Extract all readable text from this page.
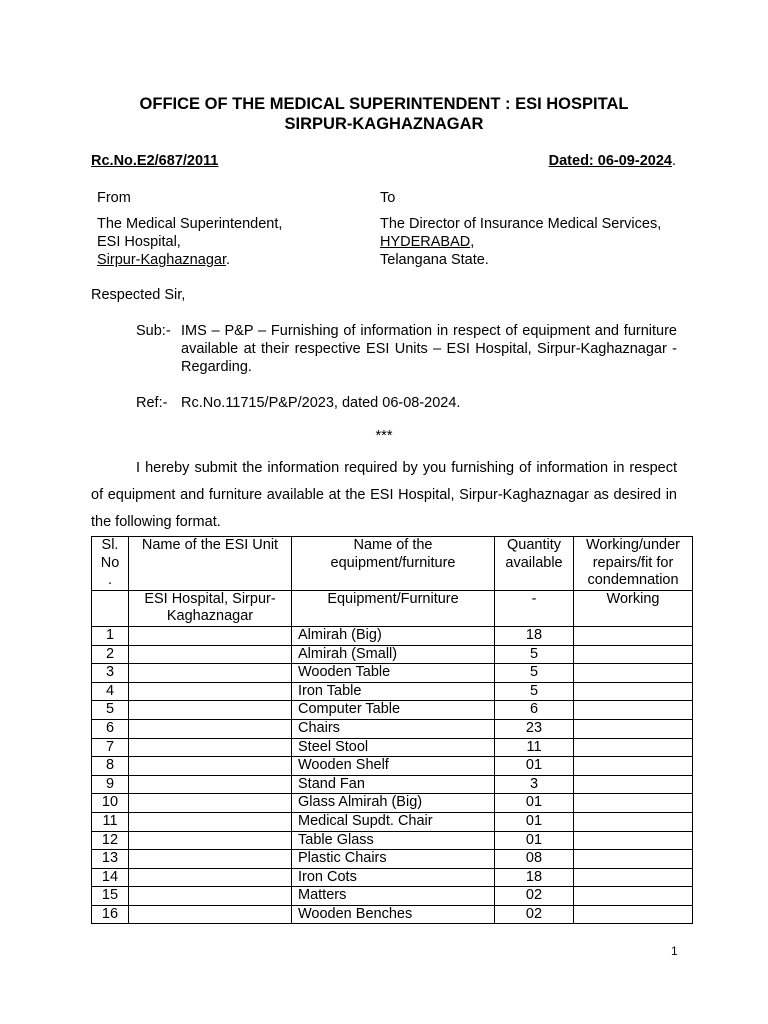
OFFICE OF THE MEDICAL SUPERINTENDENT : ESI HOSPITAL
SIRPUR-KAGHAZNAGAR
Rc.No.E2/687/2011	Dated: 06-09-2024.
From
The Medical Superintendent,
ESI Hospital,
Sirpur-Kaghaznagar.
To
The Director of Insurance Medical Services,
HYDERABAD,
Telangana State.
Respected Sir,
Sub:- IMS – P&P – Furnishing of information in respect of equipment and furniture available at their respective ESI Units – ESI Hospital, Sirpur-Kaghaznagar - Regarding.
Ref:- Rc.No.11715/P&P/2023, dated 06-08-2024.
***
I hereby submit the information required by you furnishing of information in respect of equipment and furniture available at the ESI Hospital, Sirpur-Kaghaznagar as desired in the following format.
Sl. No .	Name of the ESI Unit	Name of the equipment/furniture	Quantity available	Working/under repairs/fit for condemnation
	ESI Hospital, Sirpur-Kaghaznagar	Equipment/Furniture	-	Working
1		Almirah (Big)	18	
2		Almirah (Small)	5	
3		Wooden Table	5	
4		Iron Table	5	
5		Computer Table	6	
6		Chairs	23	
7		Steel Stool	11	
8		Wooden Shelf	01	
9		Stand Fan	3	
10		Glass Almirah (Big)	01	
11		Medical Supdt. Chair	01	
12		Table Glass	01	
13		Plastic Chairs	08	
14		Iron Cots	18	
15		Matters	02	
16		Wooden Benches	02	
1
